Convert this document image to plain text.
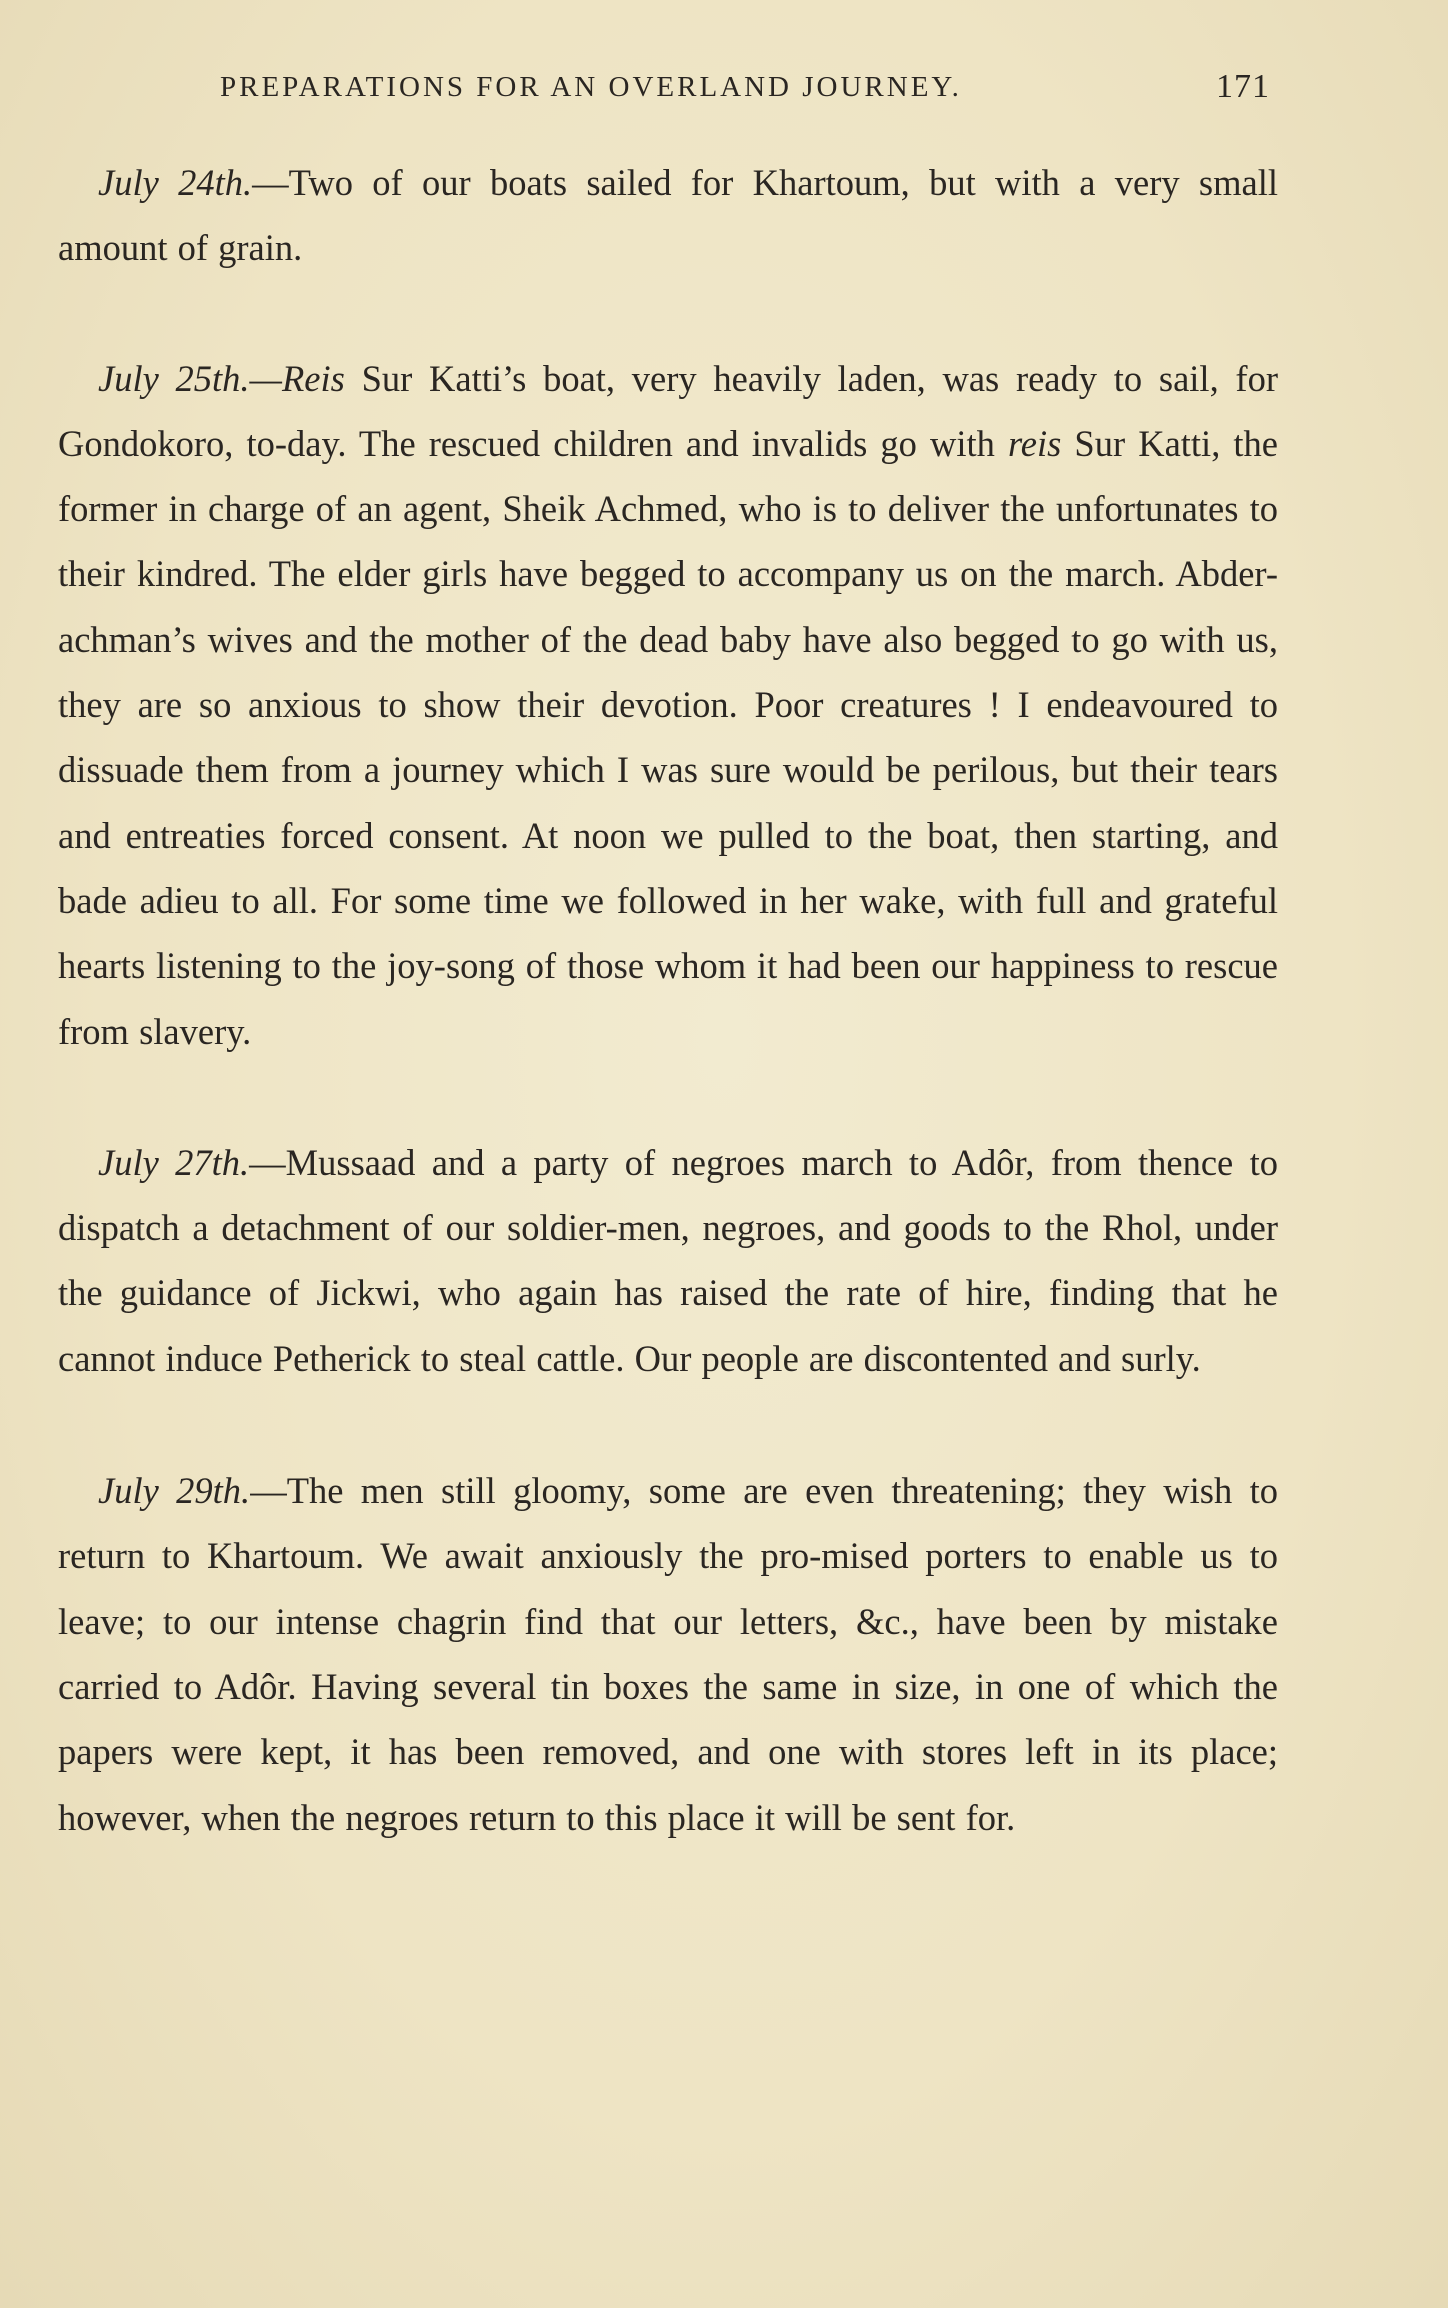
PREPARATIONS FOR AN OVERLAND JOURNEY.	171

July 24th.—Two of our boats sailed for Khartoum, but with a very small amount of grain.

July 25th.—Reis Sur Katti’s boat, very heavily laden, was ready to sail, for Gondokoro, to-day. The rescued children and invalids go with reis Sur Katti, the former in charge of an agent, Sheik Achmed, who is to deliver the unfortunates to their kindred. The elder girls have begged to accompany us on the march. Abder-achman’s wives and the mother of the dead baby have also begged to go with us, they are so anxious to show their devotion. Poor creatures ! I endeavoured to dissuade them from a journey which I was sure would be perilous, but their tears and entreaties forced consent. At noon we pulled to the boat, then starting, and bade adieu to all. For some time we followed in her wake, with full and grateful hearts listening to the joy-song of those whom it had been our happiness to rescue from slavery.

July 27th.—Mussaad and a party of negroes march to Adôr, from thence to dispatch a detachment of our soldier-men, negroes, and goods to the Rhol, under the guidance of Jickwi, who again has raised the rate of hire, finding that he cannot induce Petherick to steal cattle. Our people are discontented and surly.

July 29th.—The men still gloomy, some are even threatening; they wish to return to Khartoum. We await anxiously the pro-mised porters to enable us to leave; to our intense chagrin find that our letters, &c., have been by mistake carried to Adôr. Having several tin boxes the same in size, in one of which the papers were kept, it has been removed, and one with stores left in its place; however, when the negroes return to this place it will be sent for.
